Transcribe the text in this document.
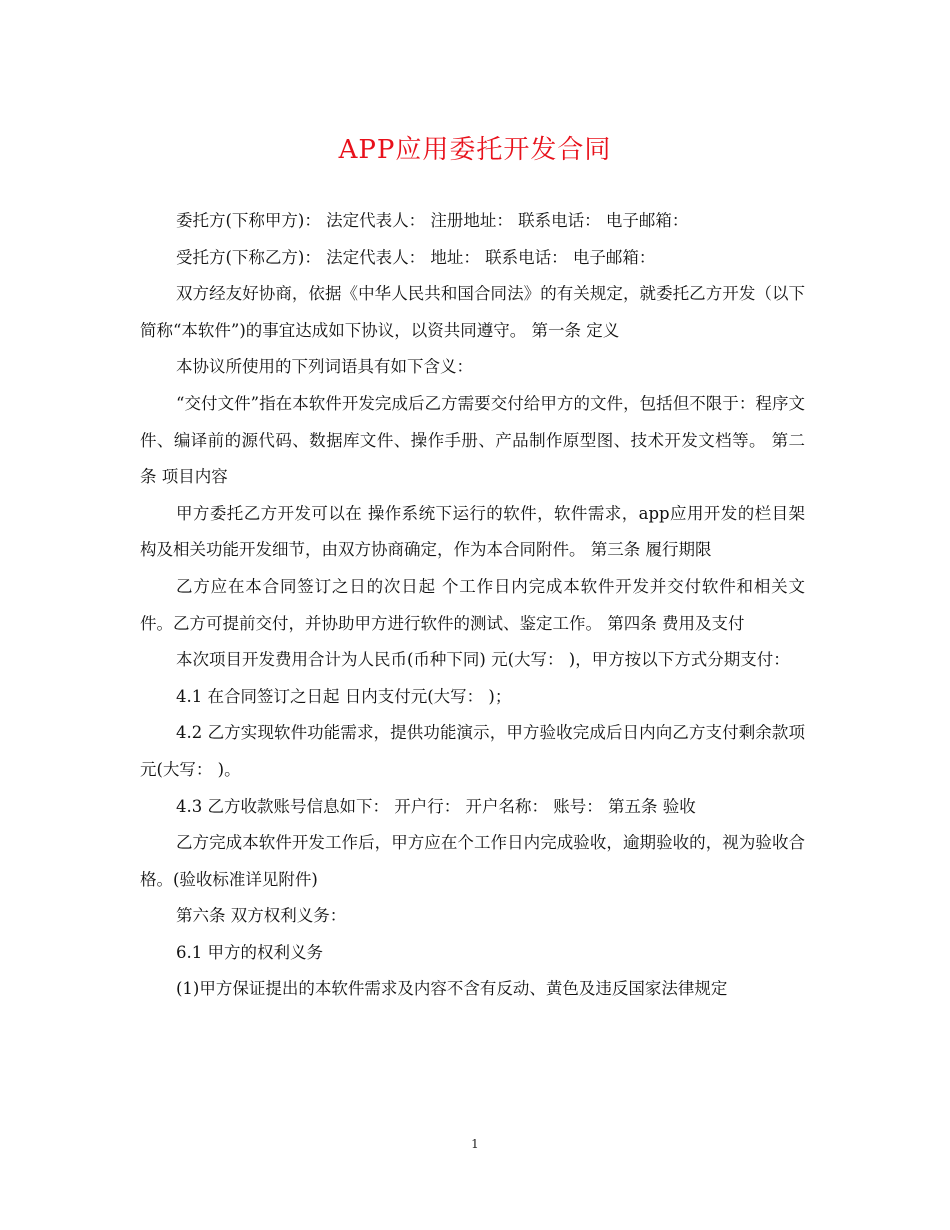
APP应用委托开发合同

委托方(下称甲方)： 法定代表人： 注册地址： 联系电话： 电子邮箱：

受托方(下称乙方)： 法定代表人： 地址： 联系电话： 电子邮箱：

双方经友好协商，依据《中华人民共和国合同法》的有关规定，就委托乙方开发（以下简称“本软件”)的事宜达成如下协议，以资共同遵守。 第一条 定义

本协议所使用的下列词语具有如下含义：

“交付文件”指在本软件开发完成后乙方需要交付给甲方的文件，包括但不限于：程序文件、编译前的源代码、数据库文件、操作手册、产品制作原型图、技术开发文档等。 第二条 项目内容

甲方委托乙方开发可以在 操作系统下运行的软件，软件需求，app应用开发的栏目架构及相关功能开发细节，由双方协商确定，作为本合同附件。 第三条 履行期限

乙方应在本合同签订之日的次日起 个工作日内完成本软件开发并交付软件和相关文件。乙方可提前交付，并协助甲方进行软件的测试、鉴定工作。 第四条 费用及支付

本次项目开发费用合计为人民币(币种下同) 元(大写： )，甲方按以下方式分期支付：

4.1 在合同签订之日起 日内支付元(大写： )；

4.2 乙方实现软件功能需求，提供功能演示，甲方验收完成后日内向乙方支付剩余款项 元(大写： )。

4.3 乙方收款账号信息如下： 开户行： 开户名称： 账号： 第五条 验收

乙方完成本软件开发工作后，甲方应在个工作日内完成验收，逾期验收的，视为验收合格。(验收标准详见附件)

第六条 双方权利义务：

6.1 甲方的权利义务

(1)甲方保证提出的本软件需求及内容不含有反动、黄色及违反国家法律规定

1
